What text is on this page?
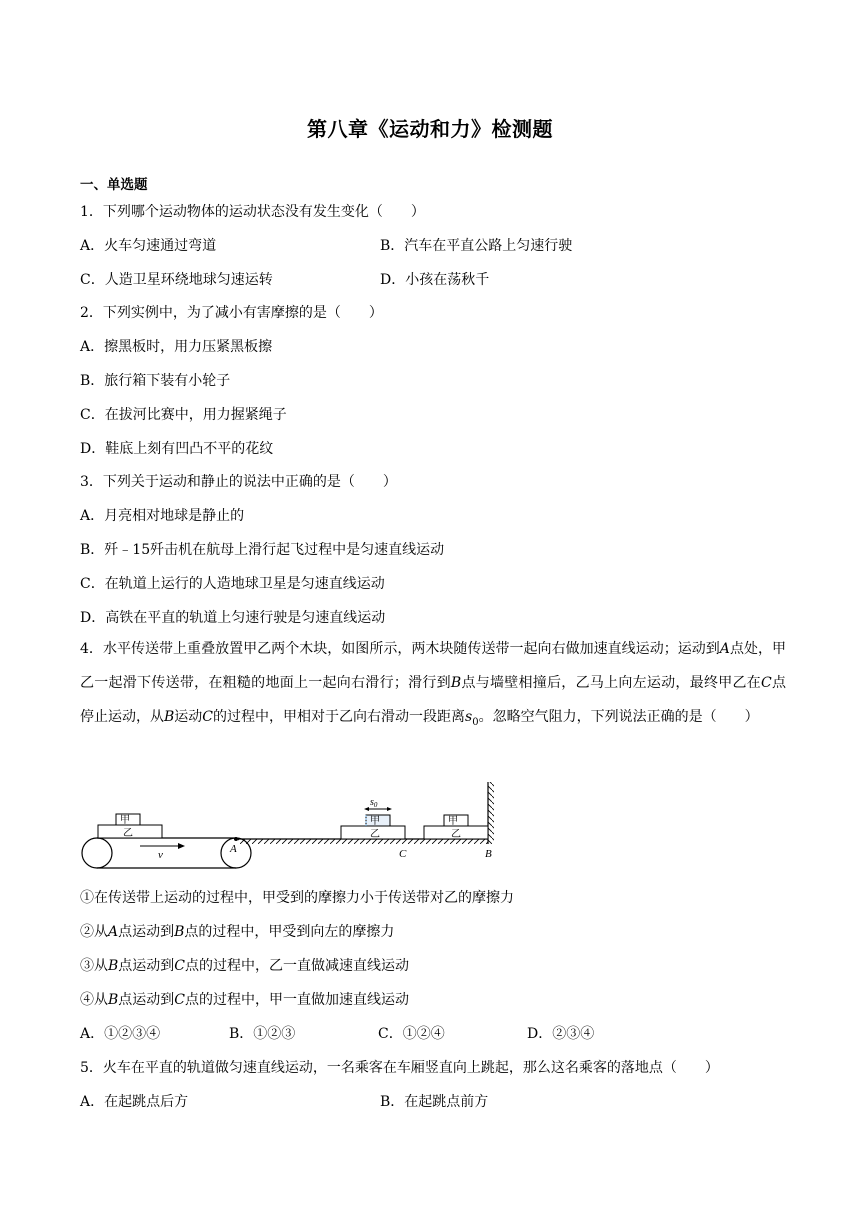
第八章《运动和力》检测题
一、单选题
1．下列哪个运动物体的运动状态没有发生变化（　　）
A．火车匀速通过弯道	B．汽车在平直公路上匀速行驶
C．人造卫星环绕地球匀速运转	D．小孩在荡秋千
2．下列实例中，为了减小有害摩擦的是（　　）
A．擦黑板时，用力压紧黑板擦
B．旅行箱下装有小轮子
C．在拔河比赛中，用力握紧绳子
D．鞋底上刻有凹凸不平的花纹
3．下列关于运动和静止的说法中正确的是（　　）
A．月亮相对地球是静止的
B．歼﹣15歼击机在航母上滑行起飞过程中是匀速直线运动
C．在轨道上运行的人造地球卫星是匀速直线运动
D．高铁在平直的轨道上匀速行驶是匀速直线运动
4．水平传送带上重叠放置甲乙两个木块，如图所示，两木块随传送带一起向右做加速直线运动；运动到A点处，甲乙一起滑下传送带，在粗糙的地面上一起向右滑行；滑行到B点与墙壁相撞后，乙马上向左运动，最终甲乙在C点停止运动，从B运动C的过程中，甲相对于乙向右滑动一段距离$s_0$。忽略空气阻力，下列说法正确的是（　　）
v
甲
乙
A
甲
乙
$s_0$
甲
乙
C	B
①在传送带上运动的过程中，甲受到的摩擦力小于传送带对乙的摩擦力
②从A点运动到B点的过程中，甲受到向左的摩擦力
③从B点运动到C点的过程中，乙一直做减速直线运动
④从B点运动到C点的过程中，甲一直做加速直线运动
A．①②③④	B．①②③	C．①②④	D．②③④
5．火车在平直的轨道做匀速直线运动，一名乘客在车厢竖直向上跳起，那么这名乘客的落地点（　　）
A．在起跳点后方	B．在起跳点前方
